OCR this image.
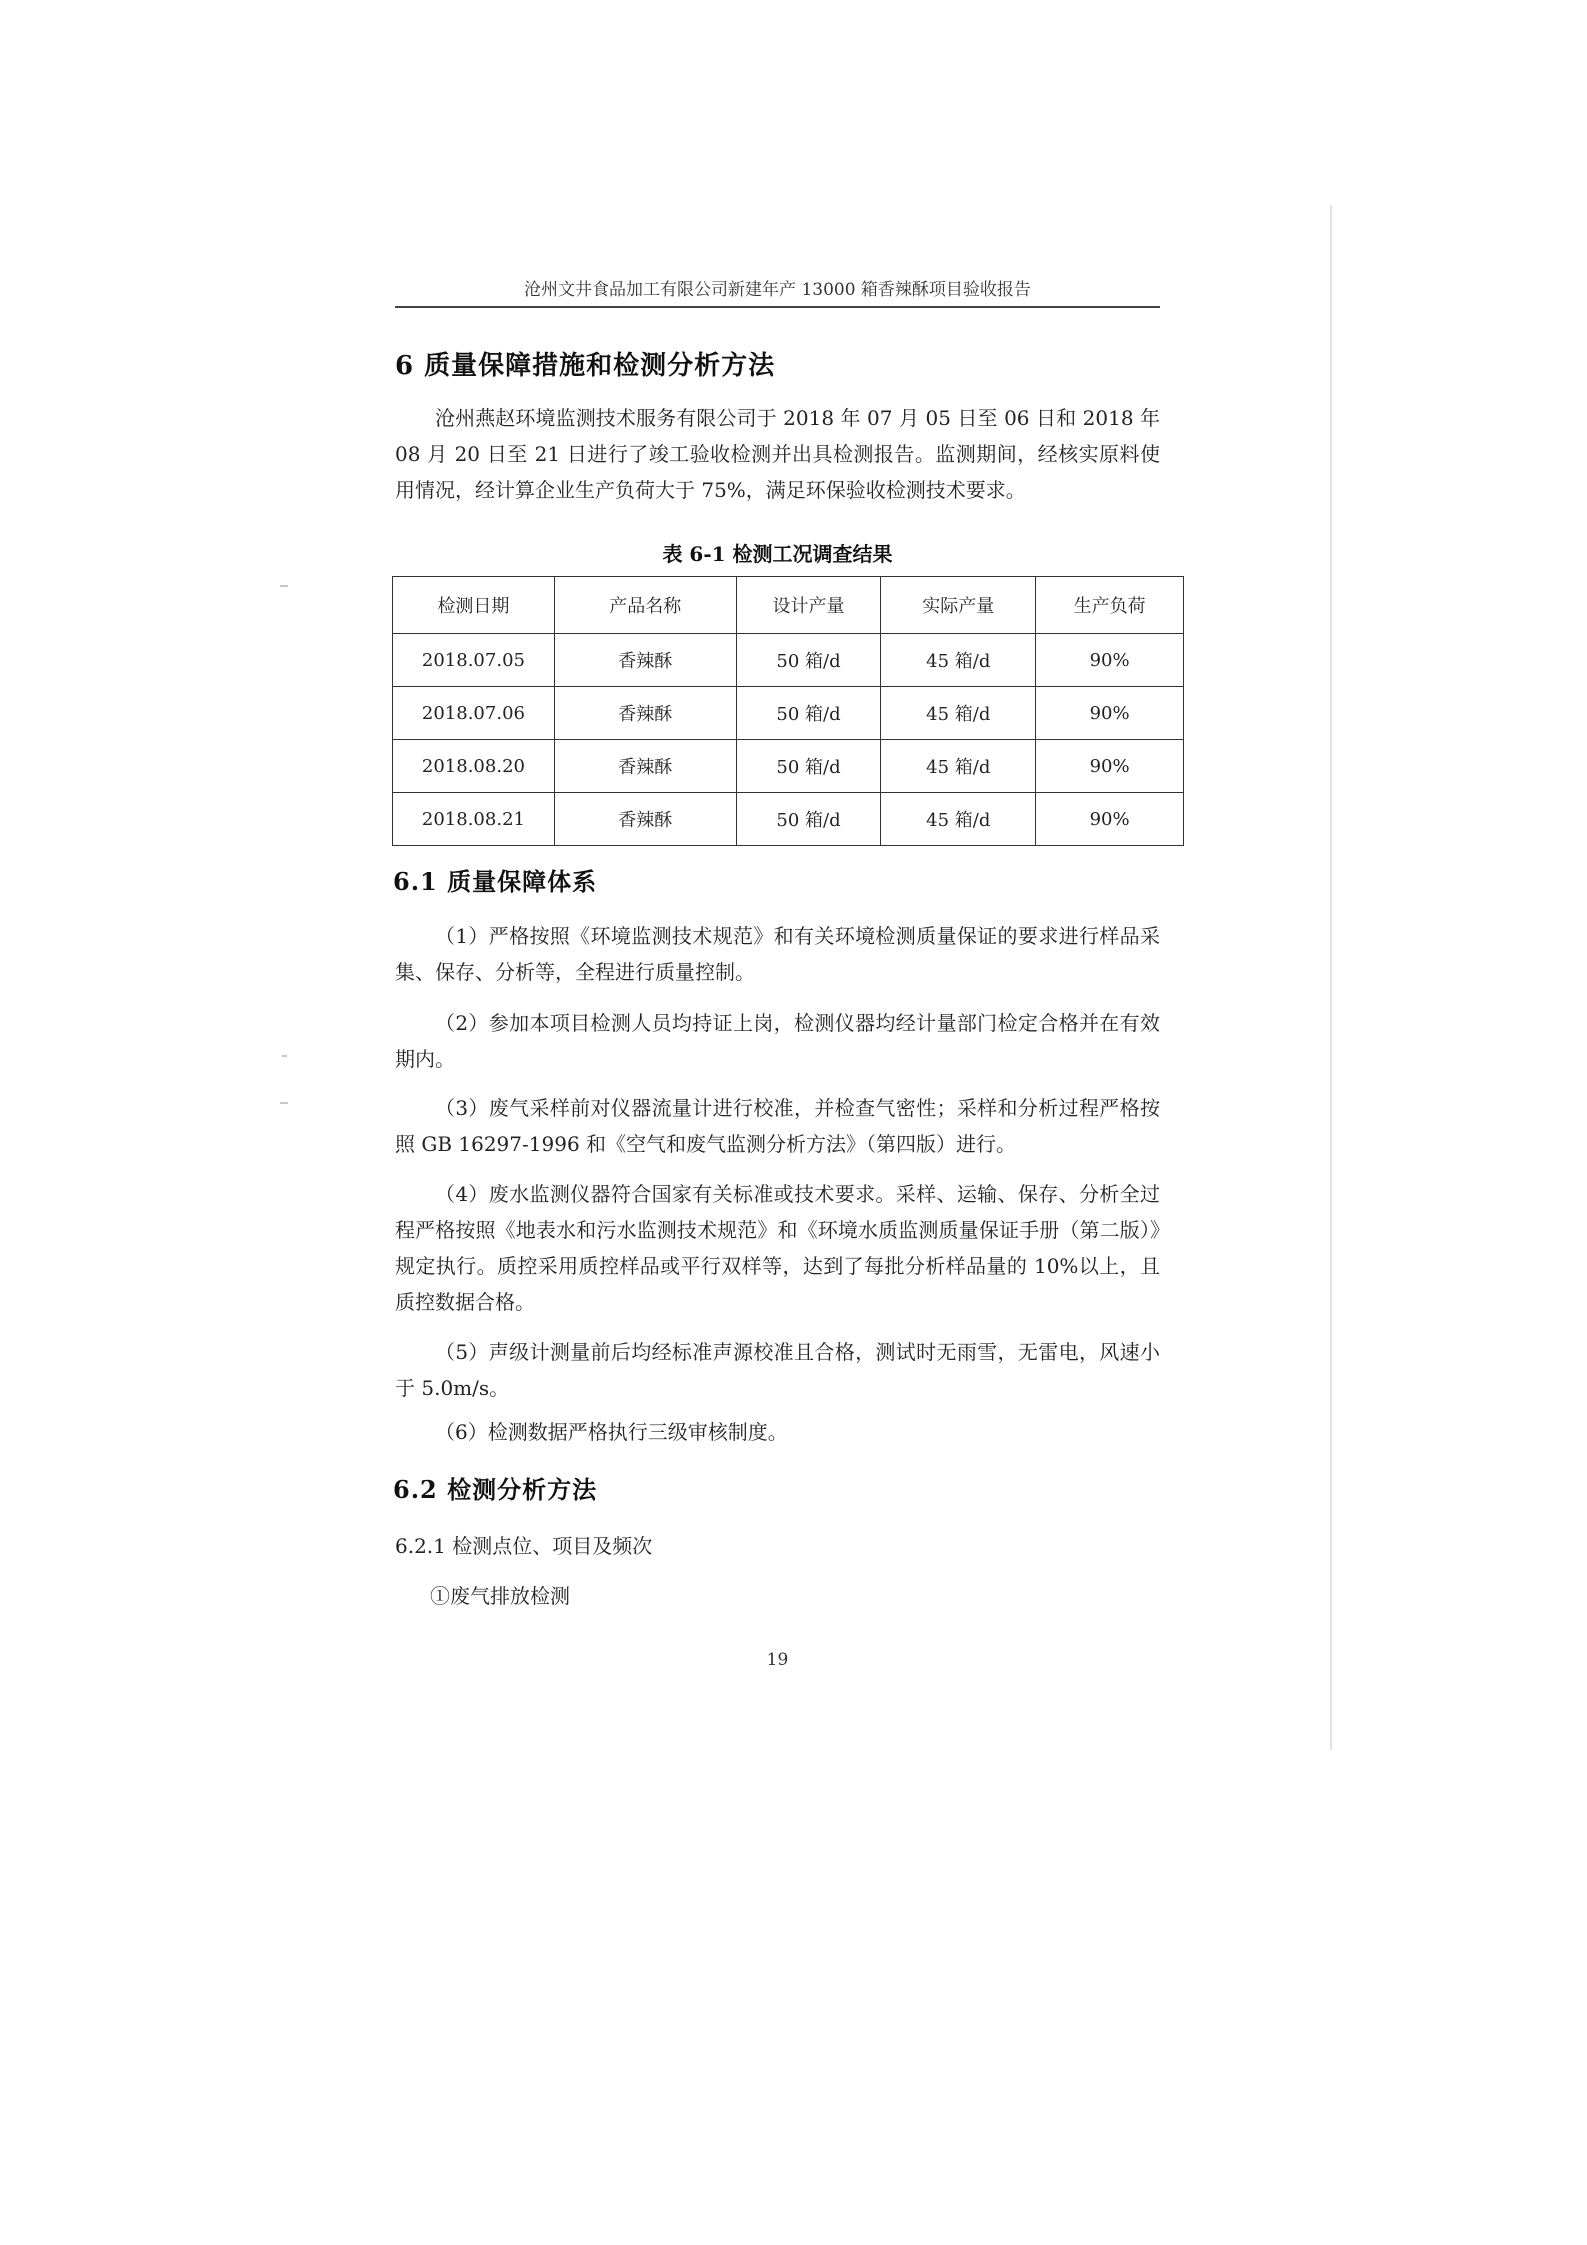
沧州文井食品加工有限公司新建年产 13000 箱香辣酥项目验收报告
6 质量保障措施和检测分析方法
沧州燕赵环境监测技术服务有限公司于 2018 年 07 月 05 日至 06 日和 2018 年 08 月 20 日至 21 日进行了竣工验收检测并出具检测报告。监测期间，经核实原料使用情况，经计算企业生产负荷大于 75%，满足环保验收检测技术要求。
表 6-1 检测工况调查结果
检测日期	产品名称	设计产量	实际产量	生产负荷
2018.07.05	香辣酥	50 箱/d	45 箱/d	90%
2018.07.06	香辣酥	50 箱/d	45 箱/d	90%
2018.08.20	香辣酥	50 箱/d	45 箱/d	90%
2018.08.21	香辣酥	50 箱/d	45 箱/d	90%
6.1 质量保障体系
（1）严格按照《环境监测技术规范》和有关环境检测质量保证的要求进行样品采集、保存、分析等，全程进行质量控制。
（2）参加本项目检测人员均持证上岗，检测仪器均经计量部门检定合格并在有效期内。
（3）废气采样前对仪器流量计进行校准，并检查气密性；采样和分析过程严格按照 GB 16297-1996 和《空气和废气监测分析方法》（第四版）进行。
（4）废水监测仪器符合国家有关标准或技术要求。采样、运输、保存、分析全过程严格按照《地表水和污水监测技术规范》和《环境水质监测质量保证手册（第二版）》规定执行。质控采用质控样品或平行双样等，达到了每批分析样品量的 10%以上，且质控数据合格。
（5）声级计测量前后均经标准声源校准且合格，测试时无雨雪，无雷电，风速小于 5.0m/s。
（6）检测数据严格执行三级审核制度。
6.2 检测分析方法
6.2.1 检测点位、项目及频次
①废气排放检测
19
